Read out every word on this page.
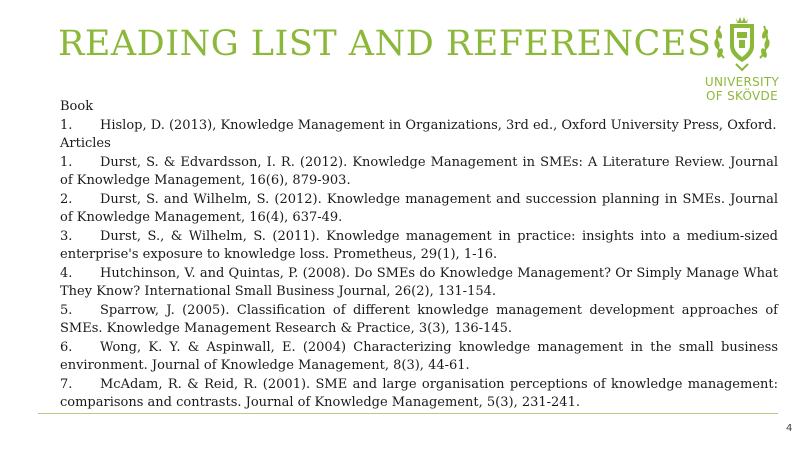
READING LIST AND REFERENCES
UNIVERSITY
OF SKÖVDE

Book

1. Hislop, D. (2013), Knowledge Management in Organizations, 3rd ed., Oxford University Press, Oxford.

Articles

1. Durst, S. & Edvardsson, I. R. (2012). Knowledge Management in SMEs: A Literature Review. Journal of Knowledge Management, 16(6), 879-903.

2. Durst, S. and Wilhelm, S. (2012). Knowledge management and succession planning in SMEs. Journal of Knowledge Management, 16(4), 637-49.

3. Durst, S., & Wilhelm, S. (2011). Knowledge management in practice: insights into a medium-sized enterprise's exposure to knowledge loss. Prometheus, 29(1), 1-16.

4. Hutchinson, V. and Quintas, P. (2008). Do SMEs do Knowledge Management? Or Simply Manage What They Know? International Small Business Journal, 26(2), 131-154.

5. Sparrow, J. (2005). Classification of different knowledge management development approaches of SMEs. Knowledge Management Research & Practice, 3(3), 136-145.

6. Wong, K. Y. & Aspinwall, E. (2004) Characterizing knowledge management in the small business environment. Journal of Knowledge Management, 8(3), 44-61.

7. McAdam, R. & Reid, R. (2001). SME and large organisation perceptions of knowledge management: comparisons and contrasts. Journal of Knowledge Management, 5(3), 231-241.

4
